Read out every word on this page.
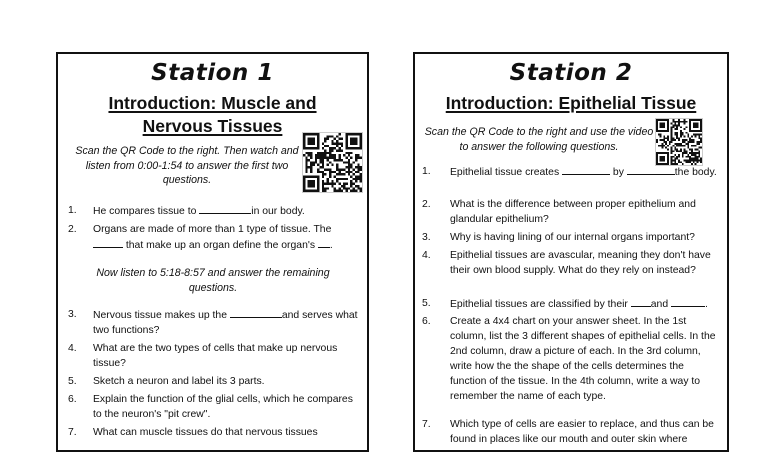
Station 1
Introduction: Muscle and
Nervous Tissues
Scan the QR Code to the right. Then watch and listen from 0:00-1:54 to answer the first two questions.
1. He compares tissue to	in our body.
2. Organs are made of more than 1 type of tissue. The  that make up an organ define the organ's .
Now listen to 5:18-8:57 and answer the remaining questions.
3. Nervous tissue makes up the	and serves what two functions?
4. What are the two types of cells that make up nervous tissue?
5. Sketch a neuron and label its 3 parts.
6. Explain the function of the glial cells, which he compares to the neuron's "pit crew".
7. What can muscle tissues do that nervous tissues
Station 2
Introduction: Epithelial Tissue
Scan the QR Code to the right and use the video to answer the following questions.
1. Epithelial tissue creates	by	the body.
2. What is the difference between proper epithelium and glandular epithelium?
3. Why is having lining of our internal organs important?
4. Epithelial tissues are avascular, meaning they don't have their own blood supply. What do they rely on instead?
5. Epithelial tissues are classified by their and	.
6. Create a 4x4 chart on your answer sheet. In the 1st column, list the 3 different shapes of epithelial cells. In the 2nd column, draw a picture of each. In the 3rd column, write how the the shape of the cells determines the function of the tissue. In the 4th column, write a way to remember the name of each type.
7. Which type of cells are easier to replace, and thus can be found in places like our mouth and outer skin where
